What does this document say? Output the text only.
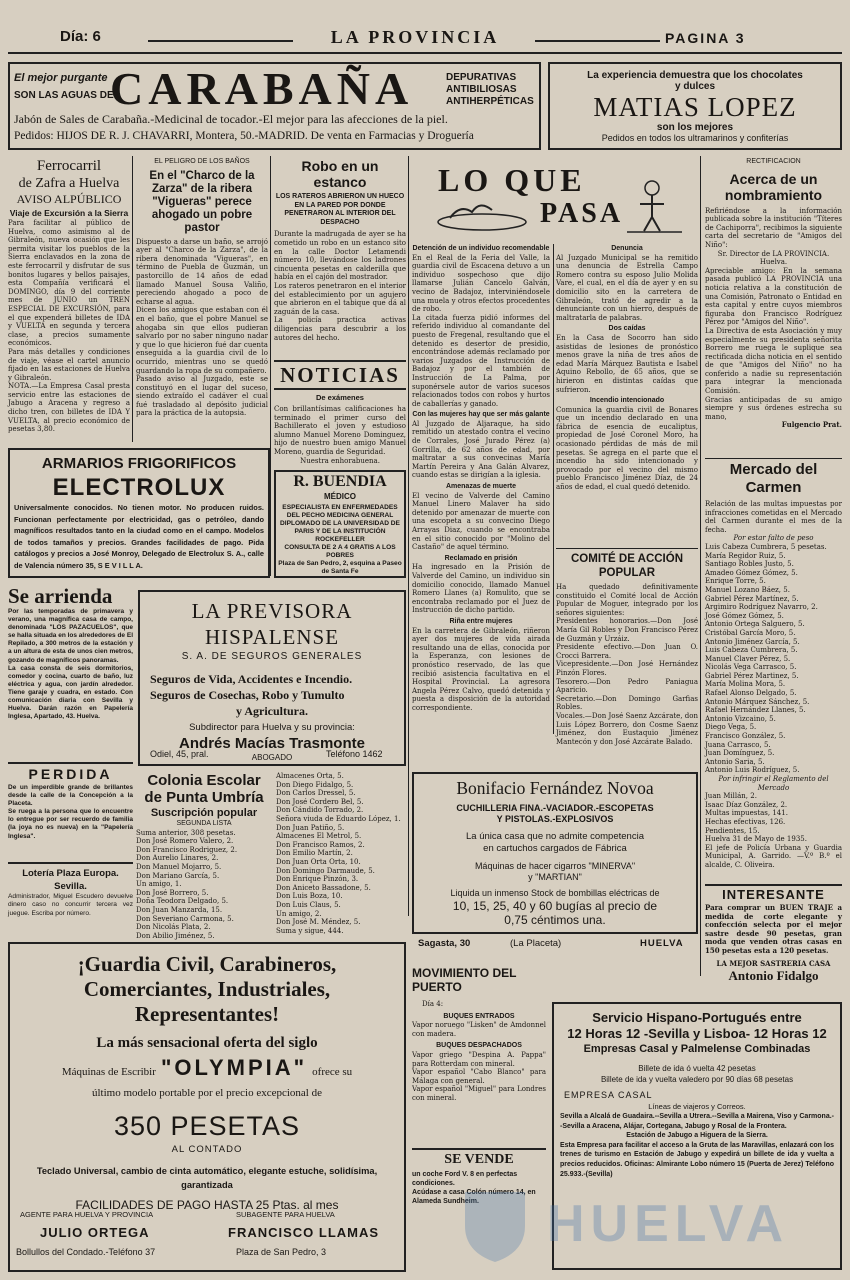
Día: 6	LA PROVINCIA	PAGINA 3
El mejor purgante
SON LAS AGUAS DE
CARABAÑA	DEPURATIVAS
ANTIBILIOSAS
ANTIHERPÉTICAS
Jabón de Sales de Carabaña.-Medicinal de tocador.-El mejor para las afecciones de la piel.
Pedidos: HIJOS DE R. J. CHAVARRI, Montera, 50.-MADRID. De venta en Farmacias y Droguería
La experiencia demuestra que los chocolates
y dulces
MATIAS LOPEZ
son los mejores
Pedidos en todos los ultramarinos y confiterías
Ferrocarril
de Zafra a Huelva
AVISO ALPÚBLICO
Viaje de Excursión a la Sierra

Para facilitar al público de Huelva, como asimismo al de Gibraleón, nueva ocasión que les permita visitar los pueblos de la Sierra enclavados en la zona de este ferrocarril y disfrutar de sus bonitos lugares y bellos paisajes, esta Compañía verificará el DOMINGO, día 9 del corriente mes de JUNIO un TREN ESPECIAL DE EXCURSIÓN, para el que expenderá billetes de IDA y VUELTA en segunda y tercera clase, a precios sumamente económicos.

Para más detalles y condiciones de viaje, véase el cartel anuncio fijado en las estaciones de Huelva y Gibraleón.

NOTA.—La Empresa Casal presta servicio entre las estaciones de Jabugo a Aracena y regreso a dicho tren, con billetes de IDA Y VUELTA, al precio económico de pesetas 3,80.

EL PELIGRO DE LOS BAÑOS
En el "Charco de la Zarza" de la ribera "Vigueras" perece ahogado un pobre pastor

Dispuesto a darse un baño, se arrojó ayer al "Charco de la Zarza", de la ribera denominada "Vigueras", en término de Puebla de Guzmán, un pastorcillo de 14 años de edad llamado Manuel Sousa Valiño, pereciendo ahogado a poco de echarse al agua.

Dicen los amigos que estaban con él en el baño, que el pobre Manuel se ahogaba sin que ellos pudieran salvarlo por no saber ninguno nadar y que lo que hicieron fué dar cuenta enseguida a la guardia civil de lo ocurrido, mientras uno se quedó guardando la ropa de su compañero.

Pasado aviso al Juzgado, este se constituyó en el lugar del suceso, siendo extraído el cadáver el cual fué trasladado al depósito judicial para la práctica de la autopsia.

Robo en un estanco
LOS RATEROS ABRIERON UN HUECO EN LA PARED POR DONDE PENETRARON AL INTERIOR DEL DESPACHO

Durante la madrugada de ayer se ha cometido un robo en un estanco sito en la calle Doctor Letamendi número 10, llevándose los ladrones cincuenta pesetas en calderilla que había en el cajón del mostrador.

Los rateros penetraron en el interior del establecimiento por un agujero que abrieron en el tabique que dá al zaguán de la casa.

La policía practica activas diligencias para descubrir a los autores del hecho.

NOTICIAS
De exámenes

Con brillantísimas calificaciones ha terminado el primer curso del Bachillerato el joven y estudioso alumno Manuel Moreno Dominguez, hijo de nuestro buen amigo Manuel Moreno, guardia de Seguridad.

Nuestra enhorabuena.

LO QUE
PASA
Detención de un individuo recomendable

En el Real de la Feria del Valle, la guardia civil de Escacena detuvo a un individuo sospechoso que dijo llamarse Julián Cancelo Galván, vecino de Badajoz, interviniéndosele una muela y otros efectos procedentes de robo.

La citada fuerza pidió informes del referido individuo al comandante del puesto de Fregenal, resultando que el detenido es desertor de presidio, encontrándose además reclamado por varios Juzgados de Instrucción de Badajoz y por el también de Instrucción de La Palma, por suponérsele autor de varios sucesos relacionados todos con robos y hurtos de caballerías y ganado.

Con las mujeres hay que ser más galante

Al Juzgado de Aljaraque, ha sido remitido un atestado contra el vecino de Corrales, José Jurado Pérez (a) Gorrilla, de 62 años de edad, por maltratar a sus convecinas María Martín Pereira y Ana Galán Alvarez, cuando estas se dirigían a la iglesia.

Amenazas de muerte

El vecino de Valverde del Camino Manuel Linero Malaver ha sido detenido por amenazar de muerte con una escopeta a su convecino Diego Arrayas Diaz, cuando se encontraba en el sitio conocido por "Molino del Castaño" de aquel término.

Reclamado en prisión

Ha ingresado en la Prisión de Valverde del Camino, un individuo sin domicilio conocido, llamado Manuel Romero Llanes (a) Romulito, que se encontraba reclamado por el Juez de Instrucción de dicho partido.

Riña entre mujeres

En la carretera de Gibraleón, riñeron ayer dos mujeres de vida airada resultando una de ellas, conocida por la Esperanza, con lesiones de pronóstico reservado, de las que recibió asistencia facultativa en el Hospital Provincial. La agresora Angela Pérez Calvo, quedó detenida y puesta a disposición de la autoridad correspondiente.

Denuncia

Al Juzgado Municipal se ha remitido una denuncia de Estrella Campo Romero contra su esposo Julio Molida Vare, el cual, en el día de ayer y en su domicilio sito en la carretera de Gibraleón, trató de agredir a la denunciante con un hierro, después de maltratarla de palabras.

Dos caídas

En la Casa de Socorro han sido asistidas de lesiones de pronóstico menos grave la niña de tres años de edad María Márquez Bautista e Isabel Aquino Rebollo, de 65 años, que se hirieron en distintas caídas que sufrieron.

Incendio intencionado

Comunica la guardia civil de Bonares que un incendio declarado en una fábrica de esencia de eucaliptus, propiedad de José Coronel Moro, ha ocasionado pérdidas de más de mil pesetas. Se agrega en el parte que el incendio ha sido intencionado y provocado por el vecino del mismo pueblo Francisco Jiménez Díaz, de 24 años de edad, el cual quedó detenido.

COMITÉ DE ACCIÓN POPULAR

Ha quedado definitivamente constituido el Comité local de Acción Popular de Moguer, integrado por los señores siguientes:

Presidentes honorarios.—Don José María Gil Robles y Don Francisco Pérez de Guzmán y Urzáiz.
Presidente efectivo.—Don Juan O. Crocci Barrera.
Vicepresidente.—Don José Hernández Pinzón Flores.
Tesorero.—Don Pedro Paniagua Aparicio.
Secretario.—Don Domingo Garfias Robles.
Vocales.—Don José Saenz Azcárate, don Luis López Borrero, don Cosme Saenz Jiménez, don Eustaquio Jiménez Mantecón y don José Azcárate Balado.
RECTIFICACION
Acerca de un nombramiento

Refiriéndose a la información publicada sobre la institución "Títeres de Cachiporra", recibimos la siguiente carta del secretario de "Amigos del Niño":

Sr. Director de LA PROVINCIA.

Huelva.

Apreciable amigo: En la semana pasada publicó LA PROVINCIA una noticia relativa a la constitución de una Comisión, Patronato o Entidad en esta capital y entre cuyos miembros figuraba don Francisco Rodríguez Pérez por "Amigos del Niño".

La Directiva de esta Asociación y muy especialmente su presidenta señorita Borrero me ruega le suplique sea rectificada dicha noticia en el sentido de que "Amigos del Niño" no ha conferido a nadie su representación para integrar la mencionada Comisión.

Gracias anticipadas de su amigo siempre y sus órdenes estrecha su mano,

Fulgencio Prat.

Mercado del Carmen

Relación de las multas impuestas por infracciones cometidas en el Mercado del Carmen durante el mes de la fecha.

Por estar falto de peso

Luis Cabeza Cumbrera, 5 pesetas.
María Regidor Ruiz, 5.
Santiago Robles Justo, 5.
Amadeo Gómez Gómez, 5.
Enrique Torre, 5.
Manuel Lozano Báez, 5.
Gabriel Pérez Martínez, 5.
Argimiro Rodríguez Navarro, 2.
José Gómez Gómez, 5.
Antonio Ortega Salguero, 5.
Cristóbal García Moro, 5.
Antonio Jiménez García, 5.
Luis Cabeza Cumbrera, 5.
Manuel Claver Pérez, 5.
Nicolás Vega Carrasco, 5.
Gabriel Pérez Martinez, 5.
María Molina Mora, 5.
Rafael Alonso Delgado, 5.
Antonio Márquez Sánchez, 5.
Rafael Hernández Llanes, 5.
Antonio Vizcaino, 5.
Diego Vega, 5.
Francisco González, 5.
Juana Carrasco, 5.
Juan Domínguez, 5.
Antonio Saria, 5.
Antonio Luis Rodríguez, 5.

Por infringir el Reglamento del Mercado

Juan Millán, 2.
Isaac Díaz González, 2.
Multas impuestas, 141.
Hechas efectivas, 126.
Pendientes, 15.
Huelva 31 de Mayo de 1935.
El jefe de Policía Urbana y Guardia Municipal, A. Garrido. —V.º B.º el alcalde, C. Oliveira.
INTERESANTE

Para comprar un BUEN TRAJE a medida de corte elegante y confección selecta por el mejor sastre desde 90 pesetas, gran moda que venden otras casas en 150 pesetas esta a 120 pesetas.

LA MEJOR SASTRERIA CASA

Antonio Fidalgo

ARMARIOS FRIGORIFICOS
ELECTROLUX

Universalmente conocidos. No tienen motor. No producen ruidos. Funcionan perfectamente por electricidad, gas o petróleo, dando magníficos resultados tanto en la ciudad como en el campo. Modelos de todos tamaños y precios. Grandes facilidades de pago. Pida catálogos y precios a José Monroy, Delegado de Electrolux S. A., calle de Valencia número 35, S E V I L L A.

R. BUENDIA
MÉDICO

ESPECIALISTA EN ENFERMEDADES DEL PECHO MEDICINA GENERAL DIPLOMADO DE LA UNIVERSIDAD DE PARIS Y DE LA INSTITUCIÓN ROCKEFELLER

CONSULTA DE 2 A 4 GRATIS A LOS POBRES

Plaza de San Pedro, 2, esquina a Paseo de Santa Fe

Se arrienda

Por las temporadas de primavera y verano, una magnífica casa de campo, denominada "LOS PAZACUELOS", que se halla situada en los alrededores de El Repilado, a 300 metros de la estación y a un altura de esta de unos cien metros, gozando de magníficos panoramas.

La casa consta de seis dormitorios, comedor y cocina, cuarto de baño, luz eléctrica y agua, con jardín alrededor. Tiene garaje y cuadra, en estado. Con comunicación diaria con Sevilla y Huelva. Darán razón en Papelería Inglesa, Apartado, 43. Huelva.

LA PREVISORA HISPALENSE
S. A. DE SEGUROS GENERALES
Seguros de Vida, Accidentes e Incendio.
Seguros de Cosechas, Robo y Tumulto
y Agricultura.
Subdirector para Huelva y su provincia:
Andrés Macías Trasmonte
ABOGADO
Odiel, 45, pral.	Teléfono 1462
PERDIDA

De un imperdible grande de brillantes desde la calle de la Concepción a la Placeta.

Se ruega a la persona que lo encuentre lo entregue por ser recuerdo de familia (la joya no es nueva) en la "Papelería Inglesa".

Lotería Plaza Europa.
Sevilla.

Administrador, Miguel Escudero devuelve dinero caso no concurrir tercera vez juegue. Escriba por número.

Colonia Escolar
de Punta Umbría
Suscripción popular
SEGUNDA LISTA
Suma anterior, 308 pesetas.
Don José Romero Valero, 2.
Don Francisco Rodriguez, 2.
Don Aurelio Linares, 2.
Don Manuel Mojarro, 5.
Don Mariano García, 5.
Un amigo, 1.
Don José Borrero, 5.
Doña Teodora Delgado, 5.
Don Juan Manzarda, 15.
Don Severiano Carmona, 5.
Don Nicolás Plata, 2.
Don Abilio Jiménez, 5.
Almacenes Orta, 5.
Don Diego Fidalgo, 5.
Don Carlos Dressel, 5.
Don José Cordero Bel, 5.
Don Cándido Torrado, 2.
Señora viuda de Eduardo López, 1.
Don Juan Patiño, 5.
Almacenes El Metrol, 5.
Don Francisco Ramos, 2.
Don Emilio Martín, 2.
Don Juan Orta Orta, 10.
Don Domingo Darmaude, 5.
Don Enrique Pinzón, 3.
Don Aniceto Bassadone, 5.
Don Luis Boza, 10.
Don Luis Claus, 5.
Un amigo, 2.
Don José M. Méndez, 5.
Suma y sigue, 444.
Bonifacio Fernández Novoa
CUCHILLERIA FINA.-VACIADOR.-ESCOPETAS
Y PISTOLAS.-EXPLOSIVOS
La única casa que no admite competencia
en cartuchos cargados de Fábrica
Máquinas de hacer cigarros "MINERVA"
y "MARTIAN"
Liquida un inmenso Stock de bombillas eléctricas de
10, 15, 25, 40 y 60 bugías al precio de
0,75 céntimos una.
Sagasta, 30	(La Placeta)	HUELVA
¡Guardia Civil, Carabineros, Comerciantes, Industriales, Representantes!
La más sensacional oferta del siglo
Máquinas de Escribir "OLYMPIA" ofrece su
último modelo portable por el precio excepcional de
350 PESETAS
AL CONTADO
Teclado Universal, cambio de cinta automático, elegante estuche, solidísima, garantizada
FACILIDADES DE PAGO HASTA 25 Ptas. al mes
AGENTE PARA HUELVA Y PROVINCIA	SUBAGENTE PARA HUELVA
JULIO ORTEGA	FRANCISCO LLAMAS
Bollullos del Condado.-Teléfono 37	Plaza de San Pedro, 3
MOVIMIENTO DEL PUERTO

Día 4:

BUQUES ENTRADOS

Vapor noruego "Lisken" de Amdonnel con madera.

BUQUES DESPACHADOS

Vapor griego "Despina A. Pappa" para Rotterdam con mineral.

Vapor español "Cabo Blanco" para Málaga con general.

Vapor español "Miguel" para Londres con mineral.

SE VENDE

un coche Ford V. 8 en perfectas condiciones.

Acúdase a casa Colón número 14, en Alameda Sundheim.

Servicio Hispano-Portugués entre
12 Horas 12 -Sevilla y Lisboa- 12 Horas 12
Empresas Casal y Palmelense Combinadas
Billete de ida ó vuelta 42 pesetas
Billete de ida y vuelta valedero por 90 días 68 pesetas
EMPRESA CASAL
Líneas de viajeros y Correos.

Sevilla a Alcalá de Guadaira.--Sevilla a Utrera.--Sevilla a Mairena, Viso y Carmona.--Sevilla a Aracena, Alájar, Cortegana, Jabugo y Rosal de la Frontera.

Estación de Jabugo a Higuera de la Sierra.

Esta Empresa para facilitar el acceso a la Gruta de las Maravillas, enlazará con los trenes de turismo en Estación de Jabugo y expedirá un billete de ida y vuelta a precios reducidos. Oficinas: Almirante Lobo número 15 (Puerta de Jerez) Teléfono 25.933.-(Sevilla)

HUELVA
